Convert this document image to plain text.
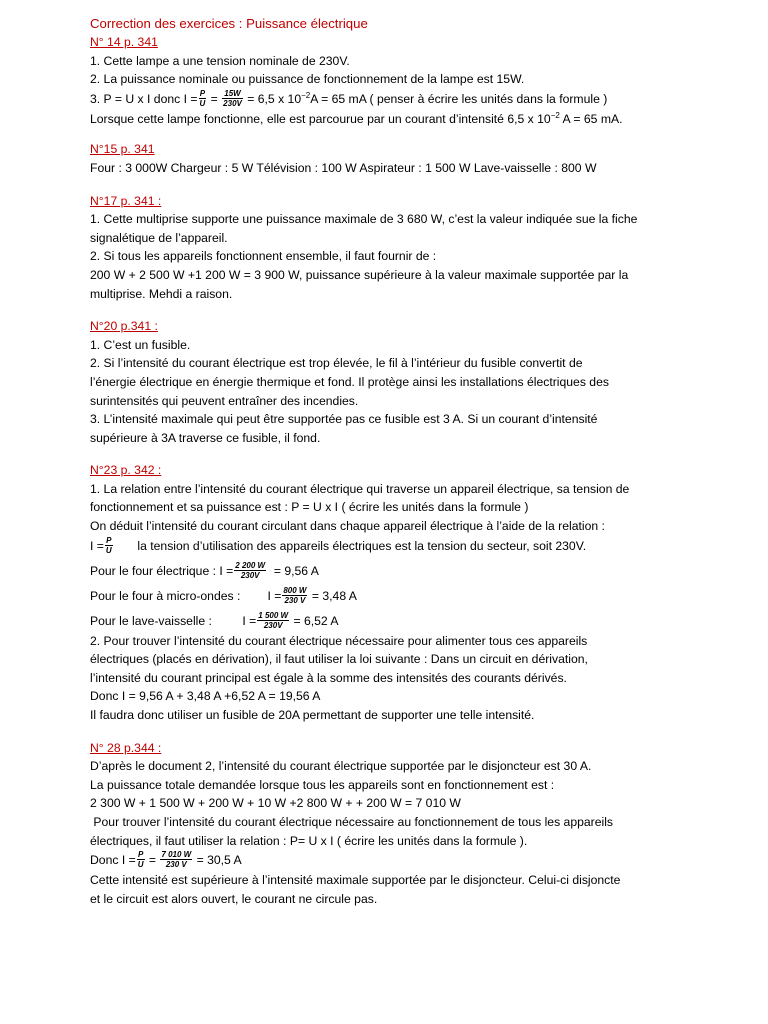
Correction des exercices : Puissance électrique
N° 14 p. 341
1. Cette lampe a une tension nominale de 230V.
2. La puissance nominale ou puissance de fonctionnement de la lampe est 15W.
3. P = U x I donc $I = \frac{P}{U} = \frac{15W}{230V} = 6,5$ x $10^{-2}A = 65$ mA ( penser à écrire les unités dans la formule )
Lorsque cette lampe fonctionne, elle est parcourue par un courant d’intensité 6,5 x $10^{-2}$ A = 65 mA.
N°15 p. 341
Four : 3 000W Chargeur : 5 W Télévision : 100 W Aspirateur : 1 500 W Lave-vaisselle : 800 W
N°17 p. 341 :
1. Cette multiprise supporte une puissance maximale de 3 680 W, c’est la valeur indiquée sue la fiche
signalétique de l’appareil.
2. Si tous les appareils fonctionnent ensemble, il faut fournir de :
200 W + 2 500 W +1 200 W = 3 900 W, puissance supérieure à la valeur maximale supportée par la
multiprise. Mehdi a raison.
N°20 p.341 :
1. C’est un fusible.
2. Si l’intensité du courant électrique est trop élevée, le fil à l’intérieur du fusible convertit de
l’énergie électrique en énergie thermique et fond. Il protège ainsi les installations électriques des
surintensités qui peuvent entraîner des incendies.
3. L’intensité maximale qui peut être supportée pas ce fusible est 3 A. Si un courant d’intensité
supérieure à 3A traverse ce fusible, il fond.
N°23 p. 342 :
1. La relation entre l’intensité du courant électrique qui traverse un appareil électrique, sa tension de
fonctionnement et sa puissance est : P = U x I ( écrire les unités dans la formule )
On déduit l’intensité du courant circulant dans chaque appareil électrique à l’aide de la relation :
$I = \frac{P}{U}$ la tension d’utilisation des appareils électriques est la tension du secteur, soit 230V.
Pour le four électrique : $I = \frac{2 200 W}{230V} = 9,56$ A
Pour le four à micro-ondes :        $I = \frac{800 W}{230 V} = 3,48$ A
Pour le lave-vaisselle :         $I = \frac{1 500 W}{230V} = 6,52$ A
2. Pour trouver l’intensité du courant électrique nécessaire pour alimenter tous ces appareils
électriques (placés en dérivation), il faut utiliser la loi suivante : Dans un circuit en dérivation,
l’intensité du courant principal est égale à la somme des intensités des courants dérivés.
Donc I = 9,56 A + 3,48 A +6,52 A = 19,56 A
Il faudra donc utiliser un fusible de 20A permettant de supporter une telle intensité.
N° 28 p.344 :
D’après le document 2, l’intensité du courant électrique supportée par le disjoncteur est 30 A.
La puissance totale demandée lorsque tous les appareils sont en fonctionnement est :
2 300 W + 1 500 W + 200 W + 10 W +2 800 W + + 200 W = 7 010 W
Pour trouver l’intensité du courant électrique nécessaire au fonctionnement de tous les appareils
électriques, il faut utiliser la relation : P= U x I ( écrire les unités dans la formule ).
Donc $I = \frac{P}{U} = \frac{7 010 W}{230 V} = 30,5$ A
Cette intensité est supérieure à l’intensité maximale supportée par le disjoncteur. Celui-ci disjoncte
et le circuit est alors ouvert, le courant ne circule pas.
